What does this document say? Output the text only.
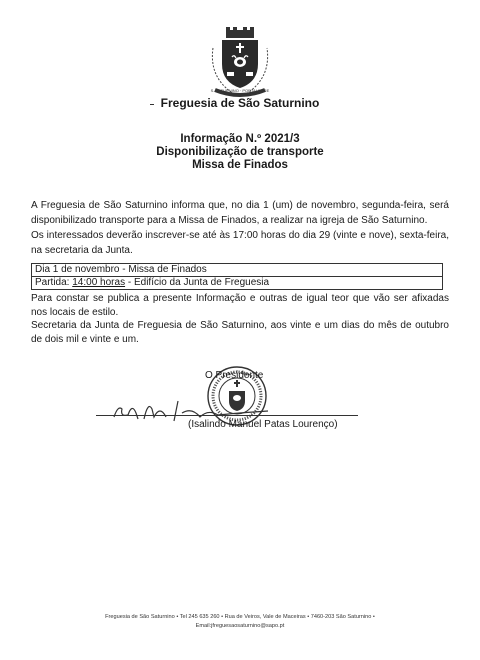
S. SATURNINO · PORTALEGRE
Freguesia de São Saturnino
Informação N.º 2021/3
Disponibilização de transporte
Missa de Finados

A Freguesia de São Saturnino informa que, no dia 1 (um) de novembro, segunda-feira, será disponibilizado transporte para a Missa de Finados, a realizar na igreja de São Saturnino.

Os interessados deverão inscrever-se até às 17:00 horas do dia 29 (vinte e nove), sexta-feira, na secretaria da Junta.

Dia 1 de novembro - Missa de Finados
Partida: 14:00 horas - Edifício da Junta de Freguesia

Para constar se publica a presente Informação e outras de igual teor que vão ser afixadas nos locais de estilo.

Secretaria da Junta de Freguesia de São Saturnino, aos vinte e um dias do mês de outubro de dois mil e vinte e um.

O Presidente
(Isalindo Manuel Patas Lourenço)
Freguesia de São Saturnino • Tel 245 635 260 • Rua de Veiros, Vale de Maceiras • 7460-203 São Saturnino •
Email:jfreguesaosaturnino@sapo.pt
